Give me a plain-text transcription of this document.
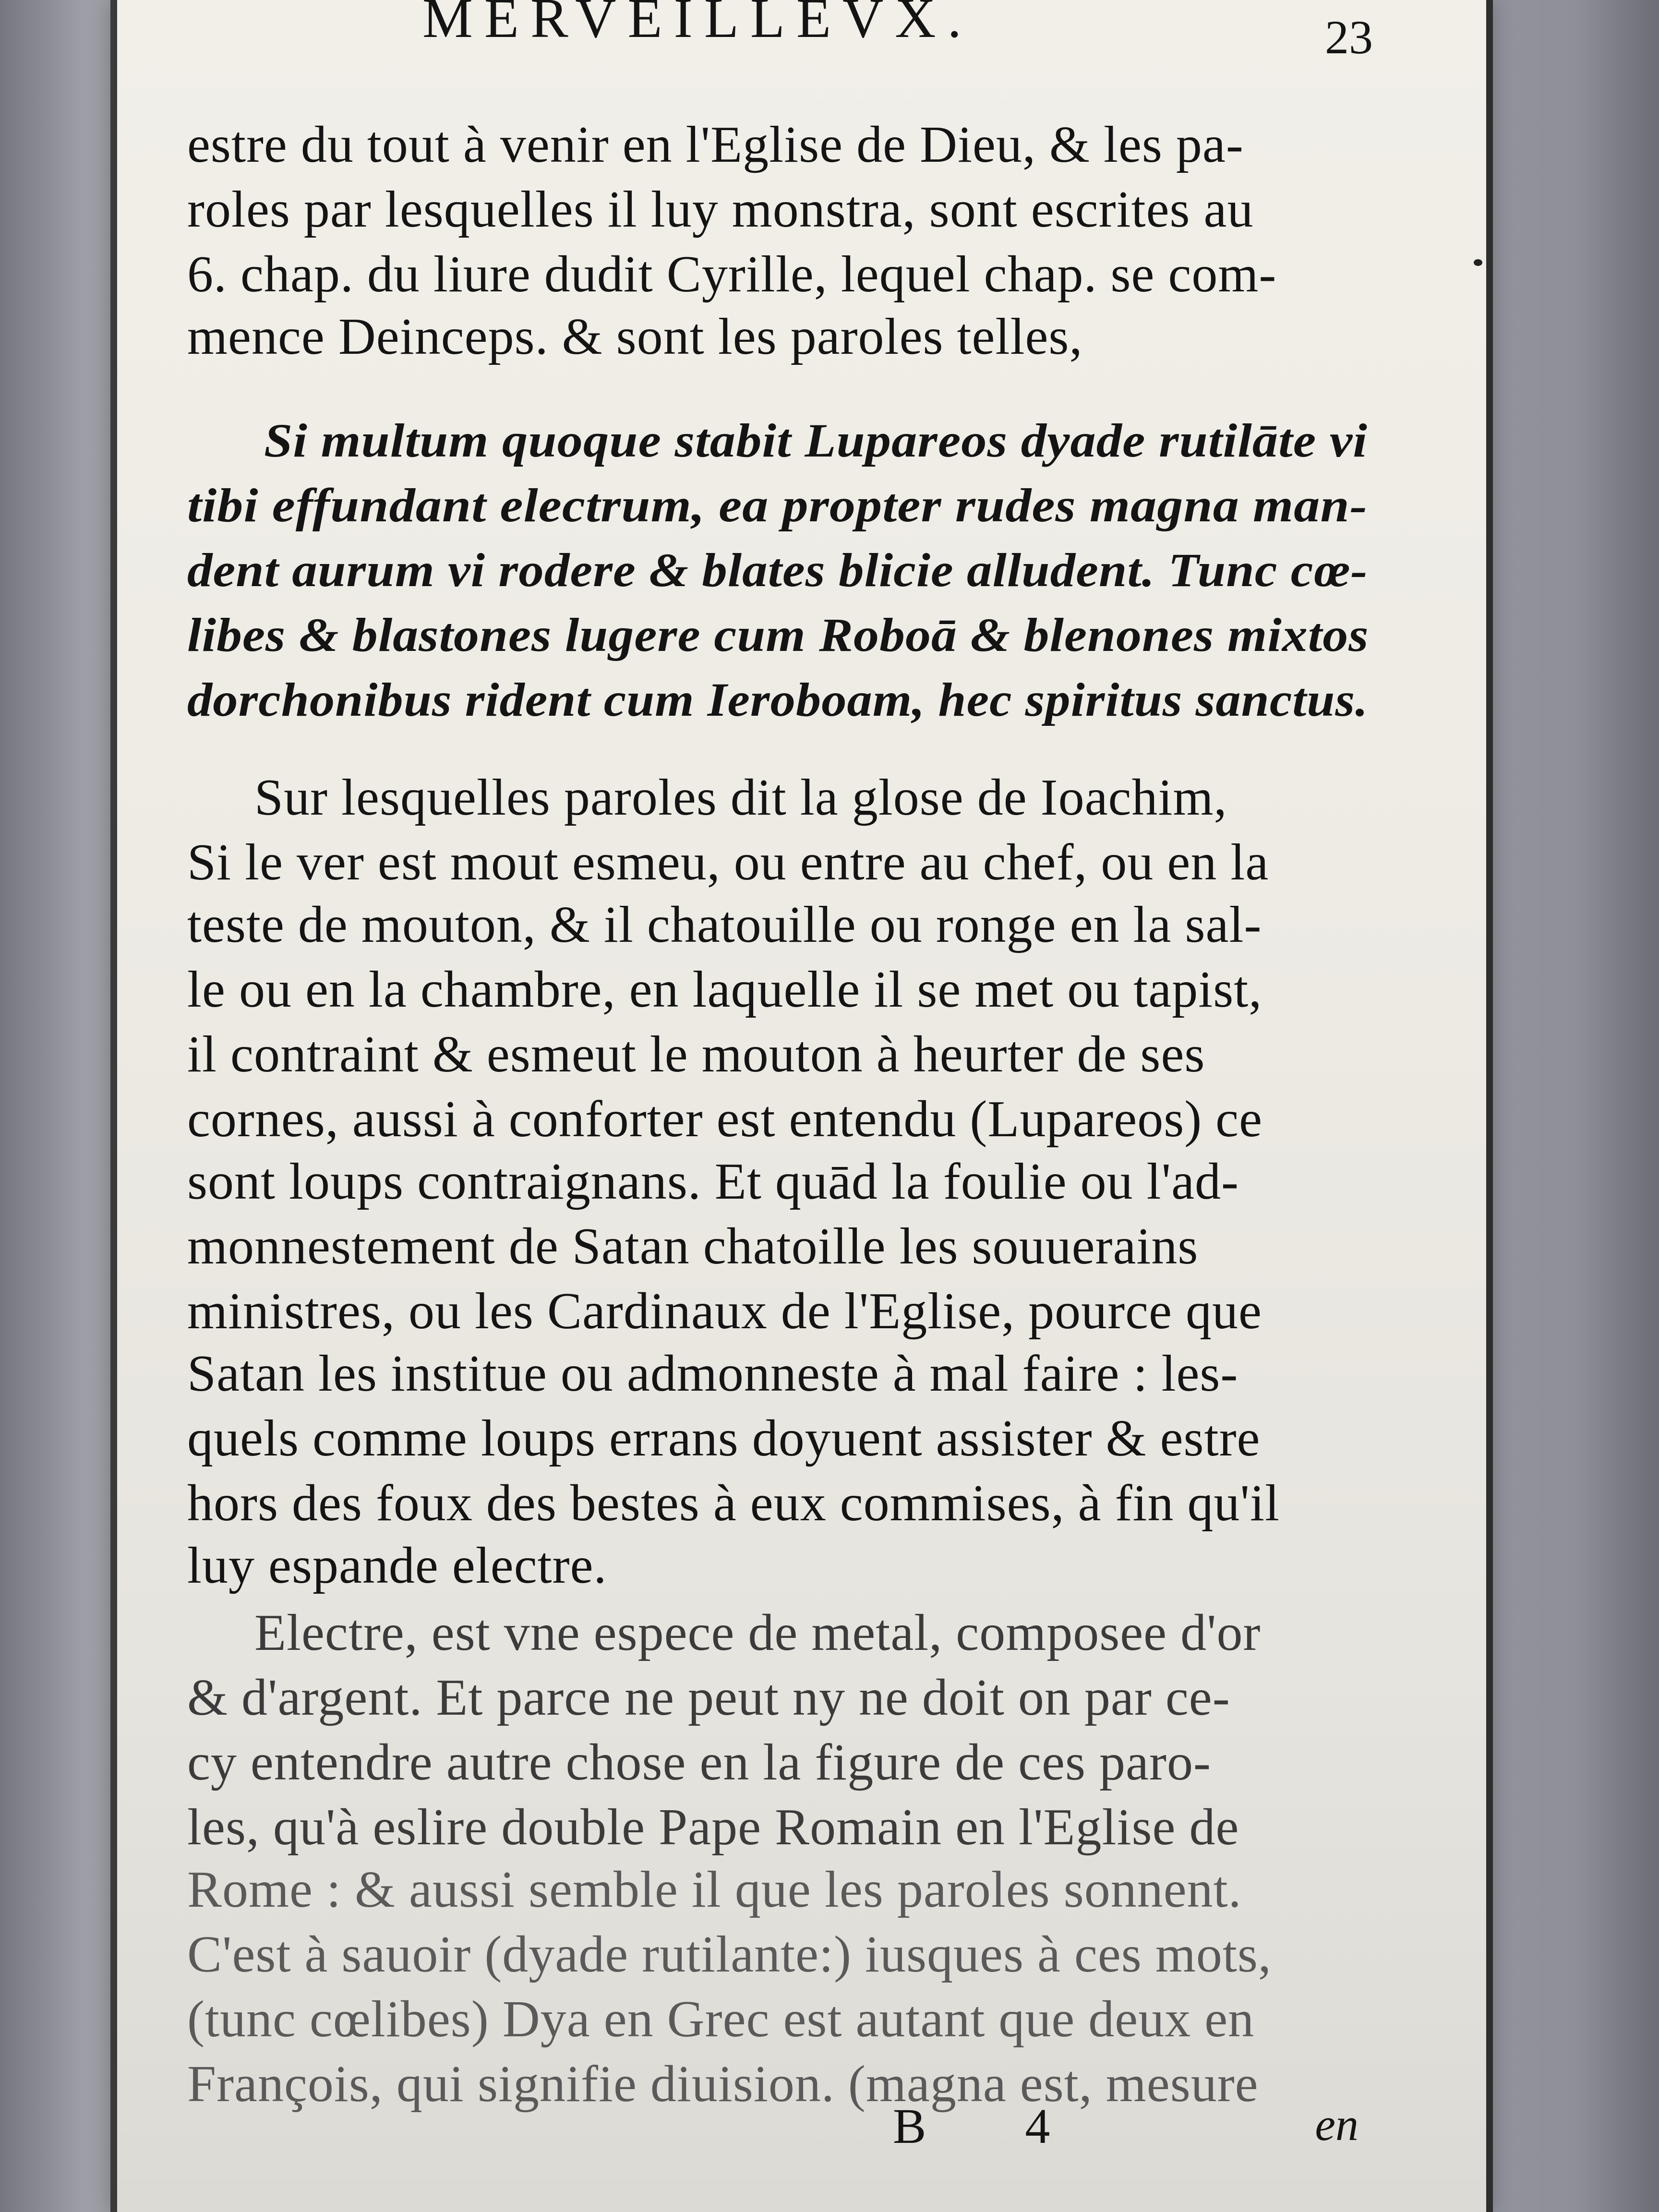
MERVEILLEVX.	23
estre du tout à venir en l'Eglise de Dieu, & les pa-
roles par lesquelles il luy monstra, sont escrites au
6. chap. du liure dudit Cyrille, lequel chap. se com-
mence Deinceps. & sont les paroles telles,
Si multum quoque stabit Lupareos dyade rutilāte vi
tibi effundant electrum, ea propter rudes magna man-
dent aurum vi rodere & blates blicie alludent. Tunc cœ-
libes & blastones lugere cum Roboā & blenones mixtos
dorchonibus rident cum Ieroboam, hec spiritus sanctus.
Sur lesquelles paroles dit la glose de Ioachim,
Si le ver est mout esmeu, ou entre au chef, ou en la
teste de mouton, & il chatouille ou ronge en la sal-
le ou en la chambre, en laquelle il se met ou tapist,
il contraint & esmeut le mouton à heurter de ses
cornes, aussi à conforter est entendu (Lupareos) ce
sont loups contraignans. Et quād la foulie ou l'ad-
monnestement de Satan chatoille les souuerains
ministres, ou les Cardinaux de l'Eglise, pource que
Satan les institue ou admonneste à mal faire : les-
quels comme loups errans doyuent assister & estre
hors des foux des bestes à eux commises, à fin qu'il
luy espande electre.
Electre, est vne espece de metal, composee d'or
& d'argent. Et parce ne peut ny ne doit on par ce-
cy entendre autre chose en la figure de ces paro-
les, qu'à eslire double Pape Romain en l'Eglise de
Rome : & aussi semble il que les paroles sonnent.
C'est à sauoir (dyade rutilante:) iusques à ces mots,
(tunc cœlibes) Dya en Grec est autant que deux en
François, qui signifie diuision. (magna est, mesure
B 4	en
